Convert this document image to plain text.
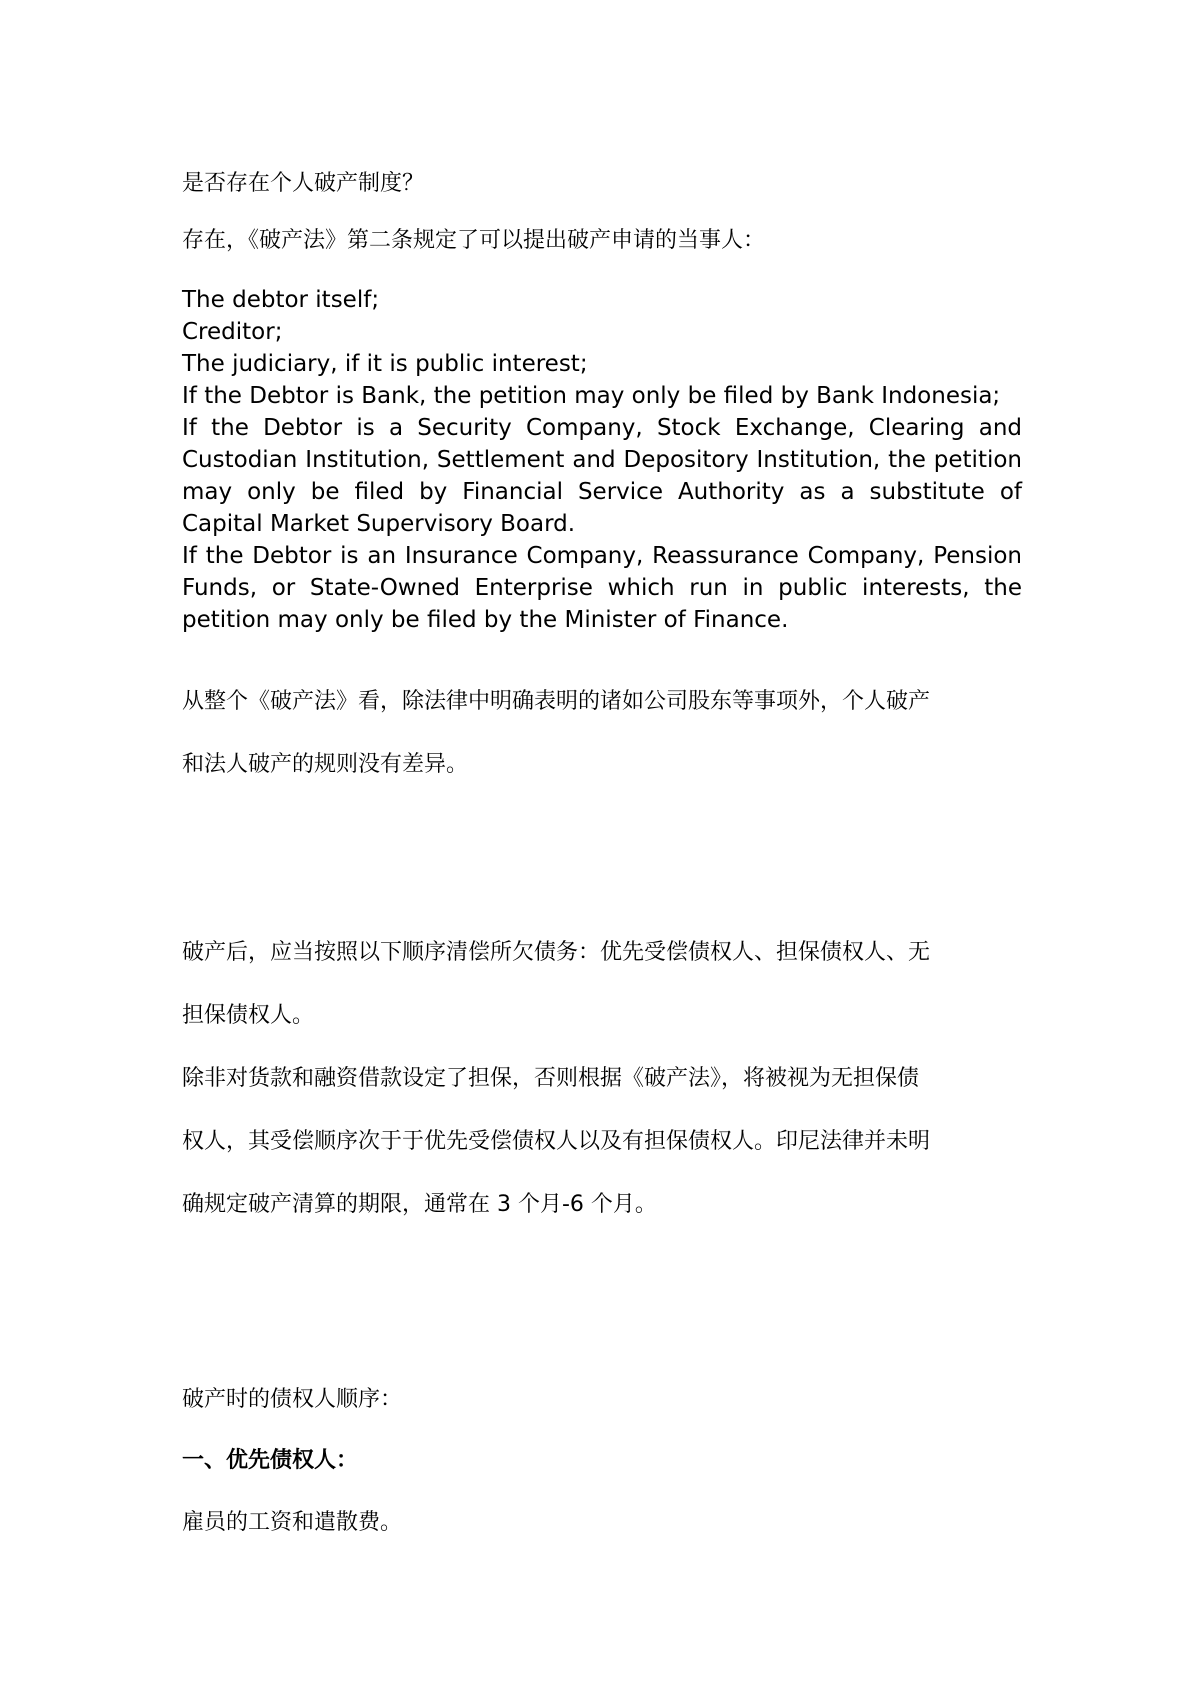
是否存在个人破产制度？

存在，《破产法》第二条规定了可以提出破产申请的当事人：

The debtor itself;

Creditor;

The judiciary, if it is public interest;

If the Debtor is Bank, the petition may only be filed by Bank Indonesia;

If the Debtor is a Security Company, Stock Exchange, Clearing and Custodian Institution, Settlement and Depository Institution, the petition may only be filed by Financial Service Authority as a substitute of Capital Market Supervisory Board.

If the Debtor is an Insurance Company, Reassurance Company, Pension Funds, or State-Owned Enterprise which run in public interests, the petition may only be filed by the Minister of Finance.

从整个《破产法》看，除法律中明确表明的诸如公司股东等事项外，个人破产

和法人破产的规则没有差异。

破产后，应当按照以下顺序清偿所欠债务：优先受偿债权人、担保债权人、无

担保债权人。

除非对货款和融资借款设定了担保，否则根据《破产法》，将被视为无担保债

权人，其受偿顺序次于于优先受偿债权人以及有担保债权人。印尼法律并未明

确规定破产清算的期限，通常在 3 个月-6 个月。

破产时的债权人顺序：

一、优先债权人：

雇员的工资和遣散费。
